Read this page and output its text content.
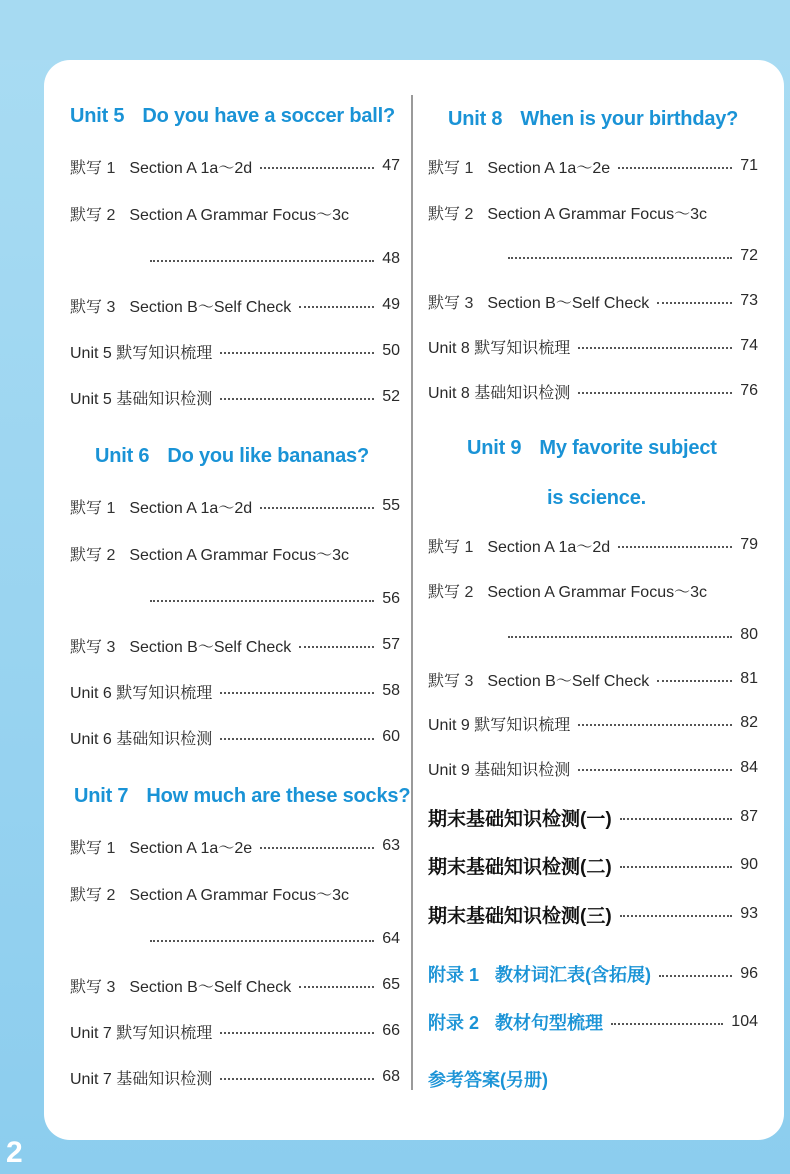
Unit 5 Do you have a soccer ball?
默写 1 Section A 1a～2d	47
默写 2 Section A Grammar Focus～3c
48
默写 3 Section B～Self Check	49
Unit 5 默写知识梳理	50
Unit 5 基础知识检测	52
Unit 6 Do you like bananas?
默写 1 Section A 1a～2d	55
默写 2 Section A Grammar Focus～3c
56
默写 3 Section B～Self Check	57
Unit 6 默写知识梳理	58
Unit 6 基础知识检测	60
Unit 7 How much are these socks?
默写 1 Section A 1a～2e	63
默写 2 Section A Grammar Focus～3c
64
默写 3 Section B～Self Check	65
Unit 7 默写知识梳理	66
Unit 7 基础知识检测	68
Unit 8 When is your birthday?
默写 1 Section A 1a～2e	71
默写 2 Section A Grammar Focus～3c
72
默写 3 Section B～Self Check	73
Unit 8 默写知识梳理	74
Unit 8 基础知识检测	76
Unit 9 My favorite subject
is science.
默写 1 Section A 1a～2d	79
默写 2 Section A Grammar Focus～3c
80
默写 3 Section B～Self Check	81
Unit 9 默写知识梳理	82
Unit 9 基础知识检测	84
期末基础知识检测(一)	87
期末基础知识检测(二)	90
期末基础知识检测(三)	93
附录 1 教材词汇表(含拓展)	96
附录 2 教材句型梳理	104
参考答案(另册)
2
